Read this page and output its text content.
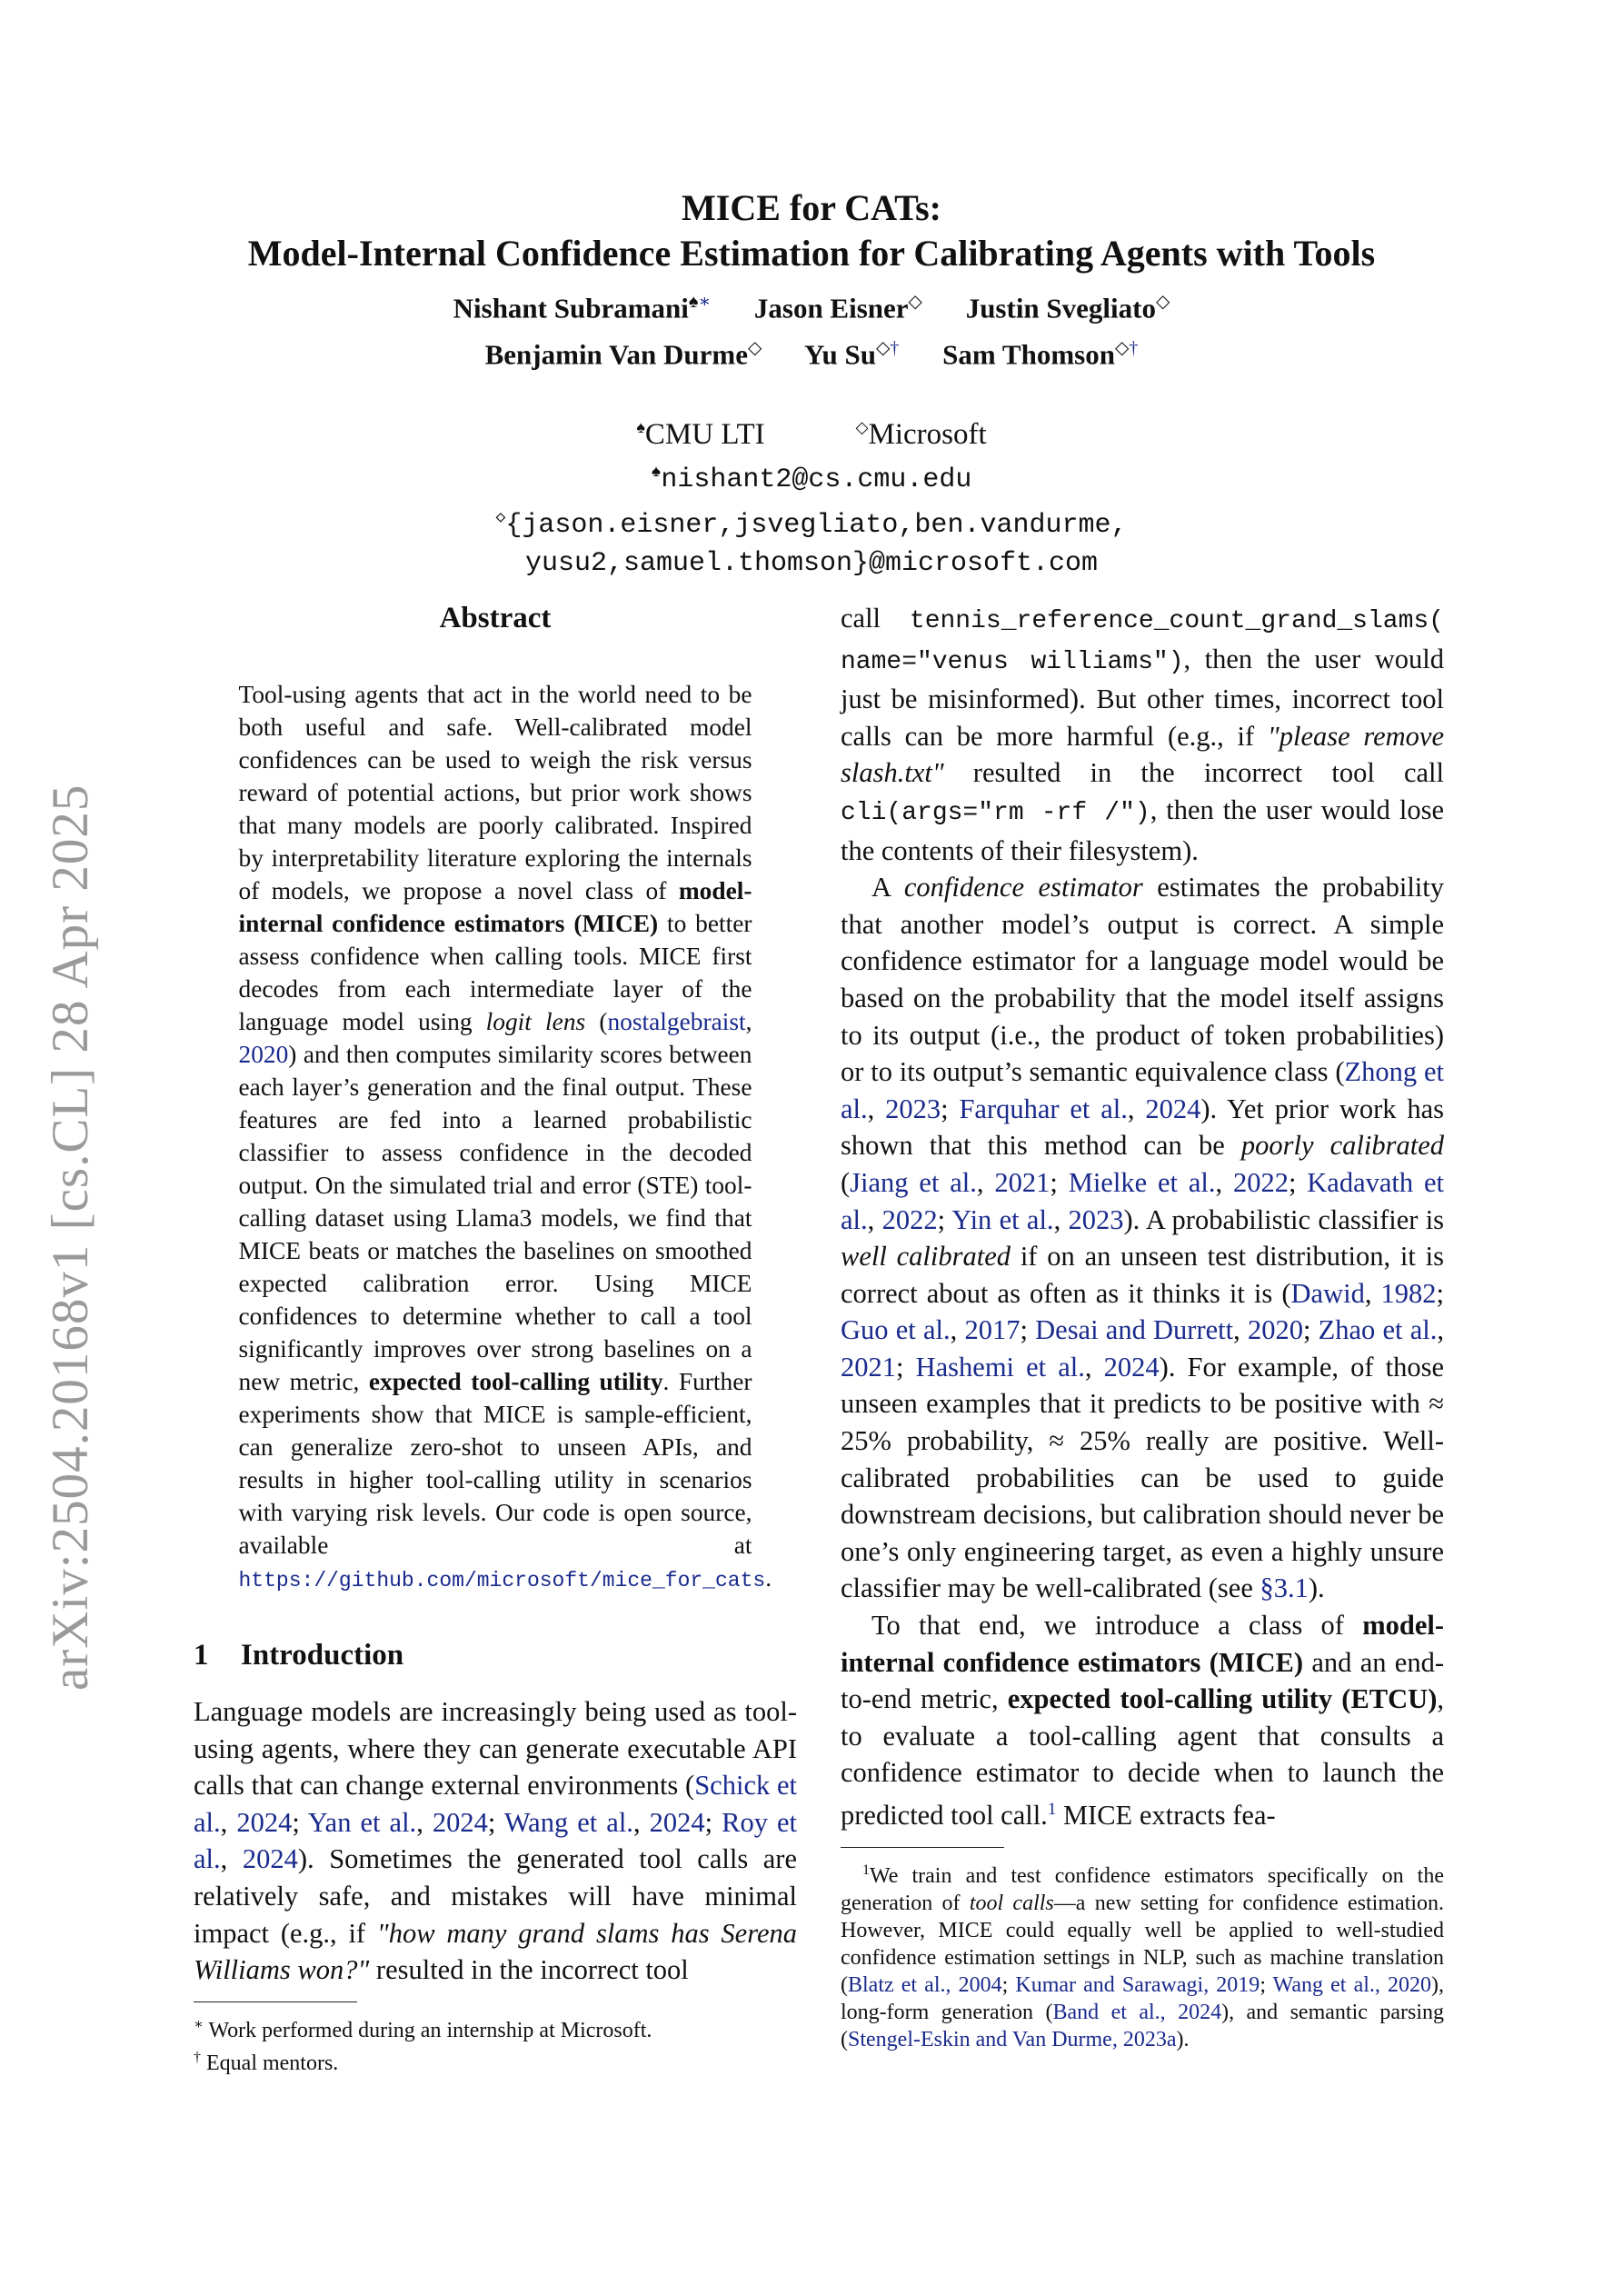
arXiv:2504.20168v1 [cs.CL] 28 Apr 2025

MICE for CATs:

Model-Internal Confidence Estimation for Calibrating Agents with Tools

Nishant Subramani♠∗ Jason Eisner◇ Justin Svegliato◇
Benjamin Van Durme◇ Yu Su◇† Sam Thomson◇†
♠CMU LTI	◇Microsoft
♠nishant2@cs.cmu.edu
◇{jason.eisner,jsvegliato,ben.vandurme,
yusu2,samuel.thomson}@microsoft.com
Abstract

Tool-using agents that act in the world need to be both useful and safe. Well-calibrated model confidences can be used to weigh the risk versus reward of potential actions, but prior work shows that many models are poorly calibrated. Inspired by interpretability literature exploring the internals of models, we propose a novel class of model-internal confidence estimators (MICE) to better assess confidence when calling tools. MICE first decodes from each intermediate layer of the language model using logit lens (nostalgebraist, 2020) and then computes similarity scores between each layer’s generation and the final output. These features are fed into a learned probabilistic classifier to assess confidence in the decoded output. On the simulated trial and error (STE) tool-calling dataset using Llama3 models, we find that MICE beats or matches the baselines on smoothed expected calibration error. Using MICE confidences to determine whether to call a tool significantly improves over strong baselines on a new metric, expected tool-calling utility. Further experiments show that MICE is sample-efficient, can generalize zero-shot to unseen APIs, and results in higher tool-calling utility in scenarios with varying risk levels. Our code is open source, available at https://github.com/microsoft/mice_for_cats.

1 Introduction

Language models are increasingly being used as tool-using agents, where they can generate executable API calls that can change external environments (Schick et al., 2024; Yan et al., 2024; Wang et al., 2024; Roy et al., 2024). Sometimes the generated tool calls are relatively safe, and mistakes will have minimal impact (e.g., if "how many grand slams has Serena Williams won?" resulted in the incorrect tool

∗ Work performed during an internship at Microsoft.

† Equal mentors.

call tennis_reference_count_grand_slams( name="venus williams"), then the user would just be misinformed). But other times, incorrect tool calls can be more harmful (e.g., if "please remove slash.txt" resulted in the incorrect tool call cli(args="rm -rf /"), then the user would lose the contents of their filesystem).

A confidence estimator estimates the probability that another model’s output is correct. A simple confidence estimator for a language model would be based on the probability that the model itself assigns to its output (i.e., the product of token probabilities) or to its output’s semantic equivalence class (Zhong et al., 2023; Farquhar et al., 2024). Yet prior work has shown that this method can be poorly calibrated (Jiang et al., 2021; Mielke et al., 2022; Kadavath et al., 2022; Yin et al., 2023). A probabilistic classifier is well calibrated if on an unseen test distribution, it is correct about as often as it thinks it is (Dawid, 1982; Guo et al., 2017; Desai and Durrett, 2020; Zhao et al., 2021; Hashemi et al., 2024). For example, of those unseen examples that it predicts to be positive with ≈ 25% probability, ≈ 25% really are positive. Well-calibrated probabilities can be used to guide downstream decisions, but calibration should never be one’s only engineering target, as even a highly unsure classifier may be well-calibrated (see §3.1).

To that end, we introduce a class of model-internal confidence estimators (MICE) and an end-to-end metric, expected tool-calling utility (ETCU), to evaluate a tool-calling agent that consults a confidence estimator to decide when to launch the predicted tool call.$^1$ MICE extracts fea-

$^1$We train and test confidence estimators specifically on the generation of tool calls—a new setting for confidence estimation. However, MICE could equally well be applied to well-studied confidence estimation settings in NLP, such as machine translation (Blatz et al., 2004; Kumar and Sarawagi, 2019; Wang et al., 2020), long-form generation (Band et al., 2024), and semantic parsing (Stengel-Eskin and Van Durme, 2023a).
